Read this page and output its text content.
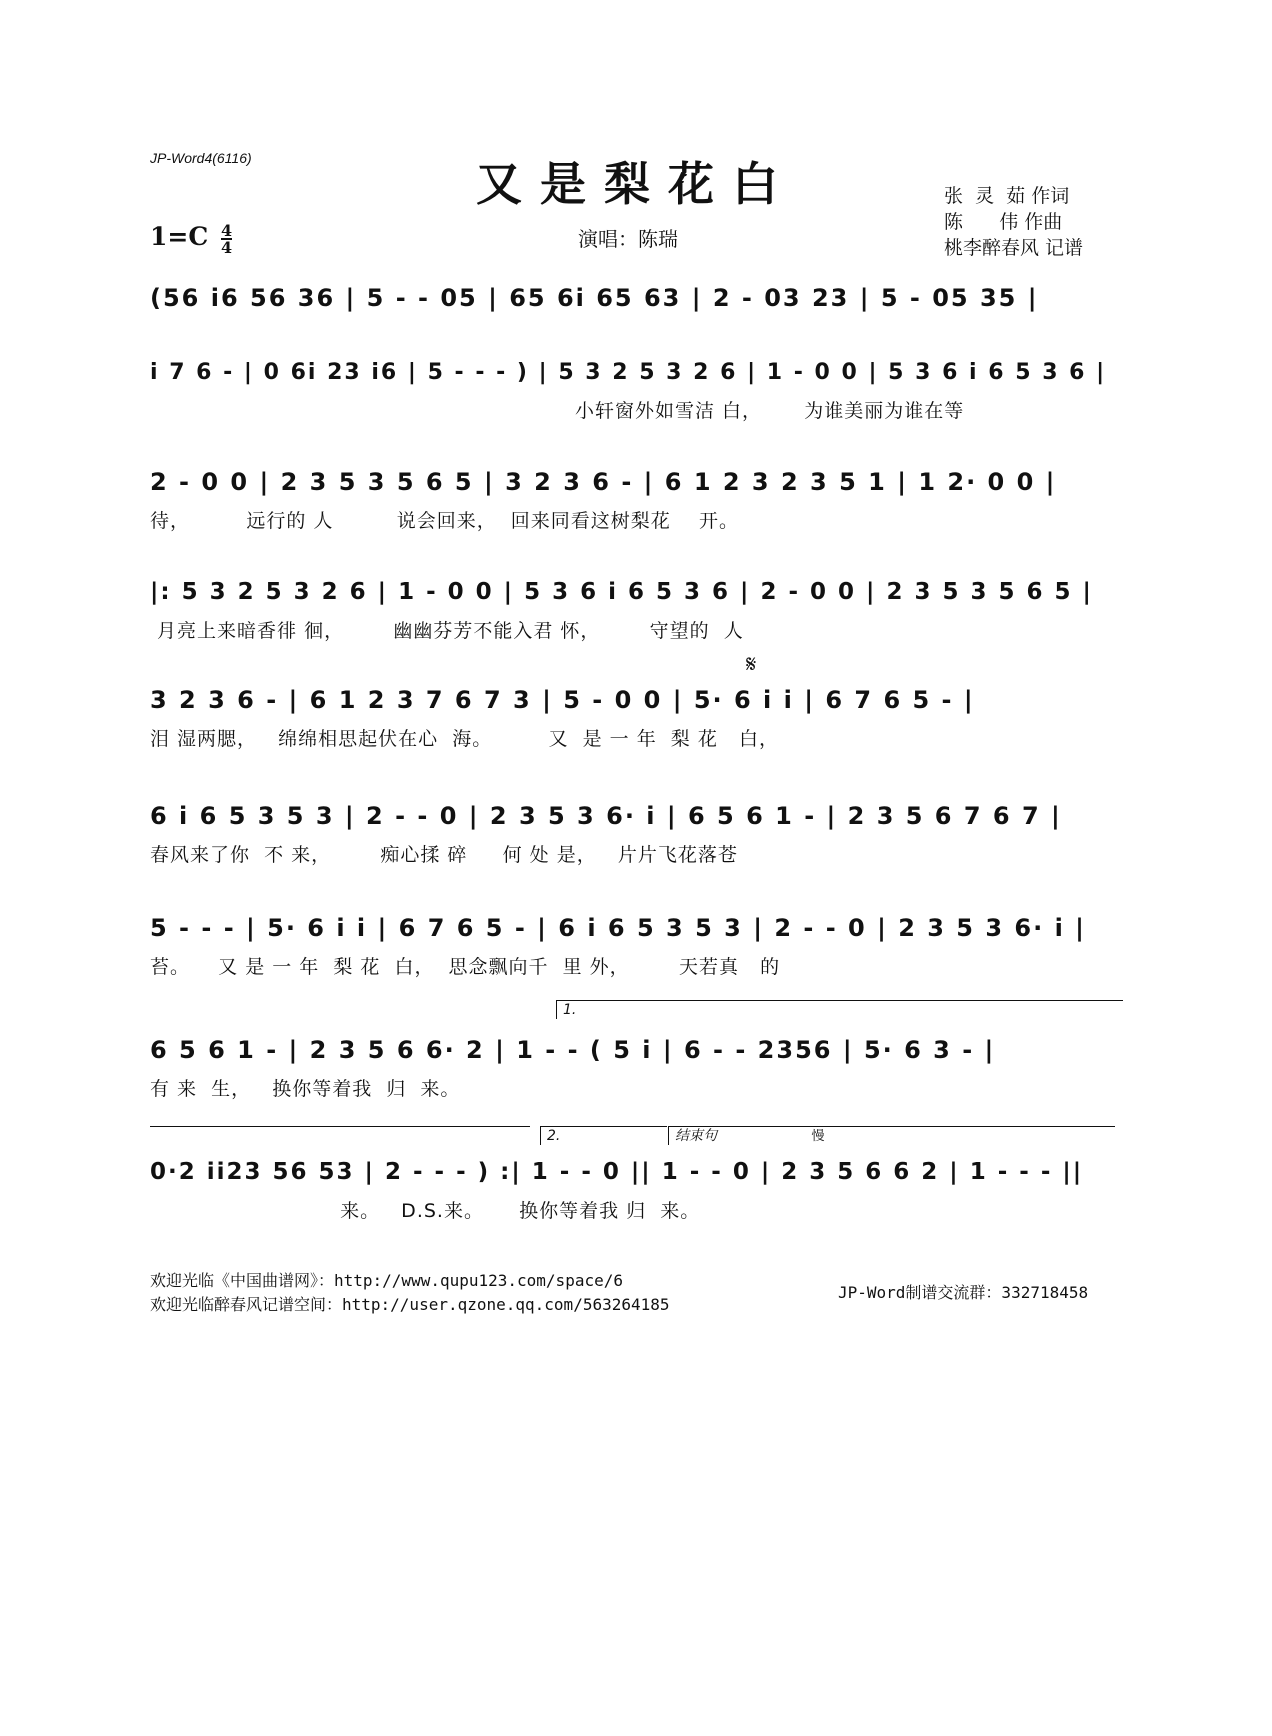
JP-Word4(6116)	又是梨花白	张  灵  茹 作词
陈      伟 作曲
桃李醉春风 记谱
$1=C \frac{4}{4}$	演唱：陈瑞
(56 i6 56 36 | 5 - - 05 | 65 6i 65 63 | 2 - 03 23 | 5 - 05 35 |
i 7 6 - | 0 6i 23 i6 | 5 - - - ) | 5 3 2 5 3 2 6 | 1 - 0 0 | 5 3 6 i 6 5 3 6 |
小轩窗外如雪洁 白，      为谁美丽为谁在等
2 - 0 0 | 2 3 5 3 5 6 5 | 3 2 3 6 - | 6 1 2 3 2 3 5 1 | 1 2· 0 0 |
待，        远行的 人         说会回来，  回来同看这树梨花    开。
|: 5 3 2 5 3 2 6 | 1 - 0 0 | 5 3 6 i 6 5 3 6 | 2 - 0 0 | 2 3 5 3 5 6 5 |
月亮上来暗香徘 徊，       幽幽芬芳不能入君 怀，       守望的  人
𝄋
3 2 3 6 - | 6 1 2 3 7 6 7 3 | 5 - 0 0 | 5· 6 i i | 6 7 6 5 - |
泪 湿两腮，   绵绵相思起伏在心  海。        又  是 一 年  梨 花   白，
6 i 6 5 3 5 3 | 2 - - 0 | 2 3 5 3 6· i | 6 5 6 1 - | 2 3 5 6 7 6 7 |
春风来了你  不 来，       痴心揉 碎     何 处 是，   片片飞花落苍
5 - - - | 5· 6 i i | 6 7 6 5 - | 6 i 6 5 3 5 3 | 2 - - 0 | 2 3 5 3 6· i |
苔。    又 是 一 年  梨 花  白，  思念飘向千  里 外，       天若真   的
1.
6 5 6 1 - | 2 3 5 6 6· 2 | 1 - - ( 5 i | 6 - - 2356 | 5· 6 3 - |
有 来  生，   换你等着我  归  来。
2.	结束句	慢
0·2 ii23 56 53 | 2 - - - ) :| 1 - - 0 || 1 - - 0 | 2 3 5 6 6 2 | 1 - - - ||
来。   D.S.来。     换你等着我 归  来。
欢迎光临《中国曲谱网》：http://www.qupu123.com/space/6
欢迎光临醉春风记谱空间：http://user.qzone.qq.com/563264185
JP-Word制谱交流群：332718458
